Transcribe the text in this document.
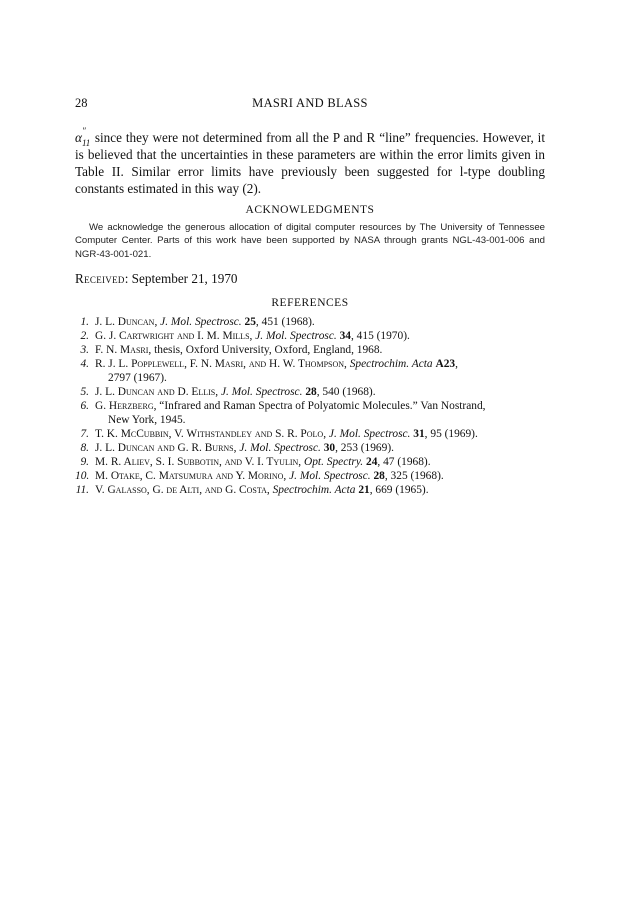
28	MASRI AND BLASS

α ″
11 since they were not determined from all the P and R “line” frequencies. However, it is believed that the uncertainties in these parameters are within the error limits given in Table II. Similar error limits have previously been suggested for l-type doubling constants estimated in this way (2).

ACKNOWLEDGMENTS
We acknowledge the generous allocation of digital computer resources by The University of Tennessee Computer Center. Parts of this work have been supported by NASA through grants NGL-43-001-006 and NGR-43-001-021.
Received: September 21, 1970
REFERENCES
1. J. L. Duncan, J. Mol. Spectrosc. 25, 451 (1968).
2. G. J. Cartwright and I. M. Mills, J. Mol. Spectrosc. 34, 415 (1970).
3. F. N. Masri, thesis, Oxford University, Oxford, England, 1968.
4. R. J. L. Popplewell, F. N. Masri, and H. W. Thompson, Spectrochim. Acta A23,
2797 (1967).
5. J. L. Duncan and D. Ellis, J. Mol. Spectrosc. 28, 540 (1968).
6. G. Herzberg, “Infrared and Raman Spectra of Polyatomic Molecules.” Van Nostrand,
New York, 1945.
7. T. K. McCubbin, V. Withstandley and S. R. Polo, J. Mol. Spectrosc. 31, 95 (1969).
8. J. L. Duncan and G. R. Burns, J. Mol. Spectrosc. 30, 253 (1969).
9. M. R. Aliev, S. I. Subbotin, and V. I. Tyulin, Opt. Spectry. 24, 47 (1968).
10. M. Otake, C. Matsumura and Y. Morino, J. Mol. Spectrosc. 28, 325 (1968).
11. V. Galasso, G. de Alti, and G. Costa, Spectrochim. Acta 21, 669 (1965).
